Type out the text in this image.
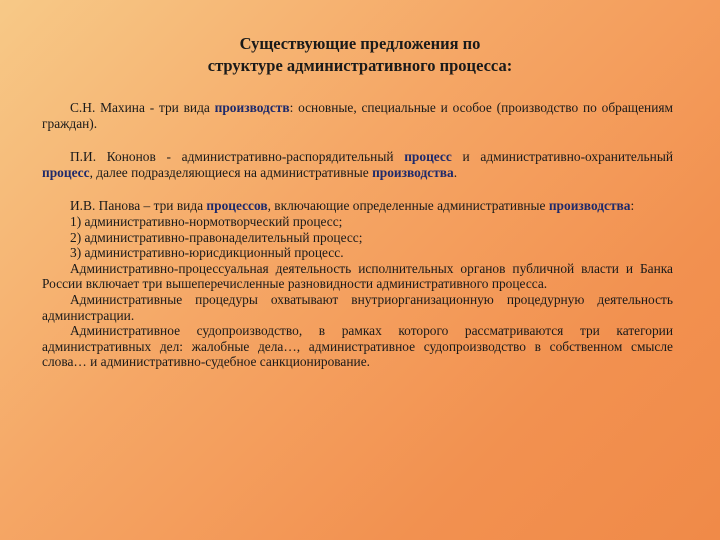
Существующие предложения по
структуре административного процесса:

С.Н. Махина - три вида производств: основные, специальные и особое (производство по обращениям граждан).

П.И. Кононов - административно-распорядительный процесс и административно-охранительный процесс, далее подразделяющиеся на административные производства.

И.В. Панова – три вида процессов, включающие определенные административные производства:

1) административно-нормотворческий процесс;

2) административно-правонаделительный процесс;

3) административно-юрисдикционный процесс.

Административно-процессуальная деятельность исполнительных органов публичной власти и Банка России включает три вышеперечисленные разновидности административного процесса.

Административные процедуры охватывают внутриорганизационную процедурную деятельность администрации.

Административное судопроизводство, в рамках которого рассматриваются три категории административных дел: жалобные дела…, административное судопроизводство в собственном смысле слова… и административно-судебное санкционирование.
